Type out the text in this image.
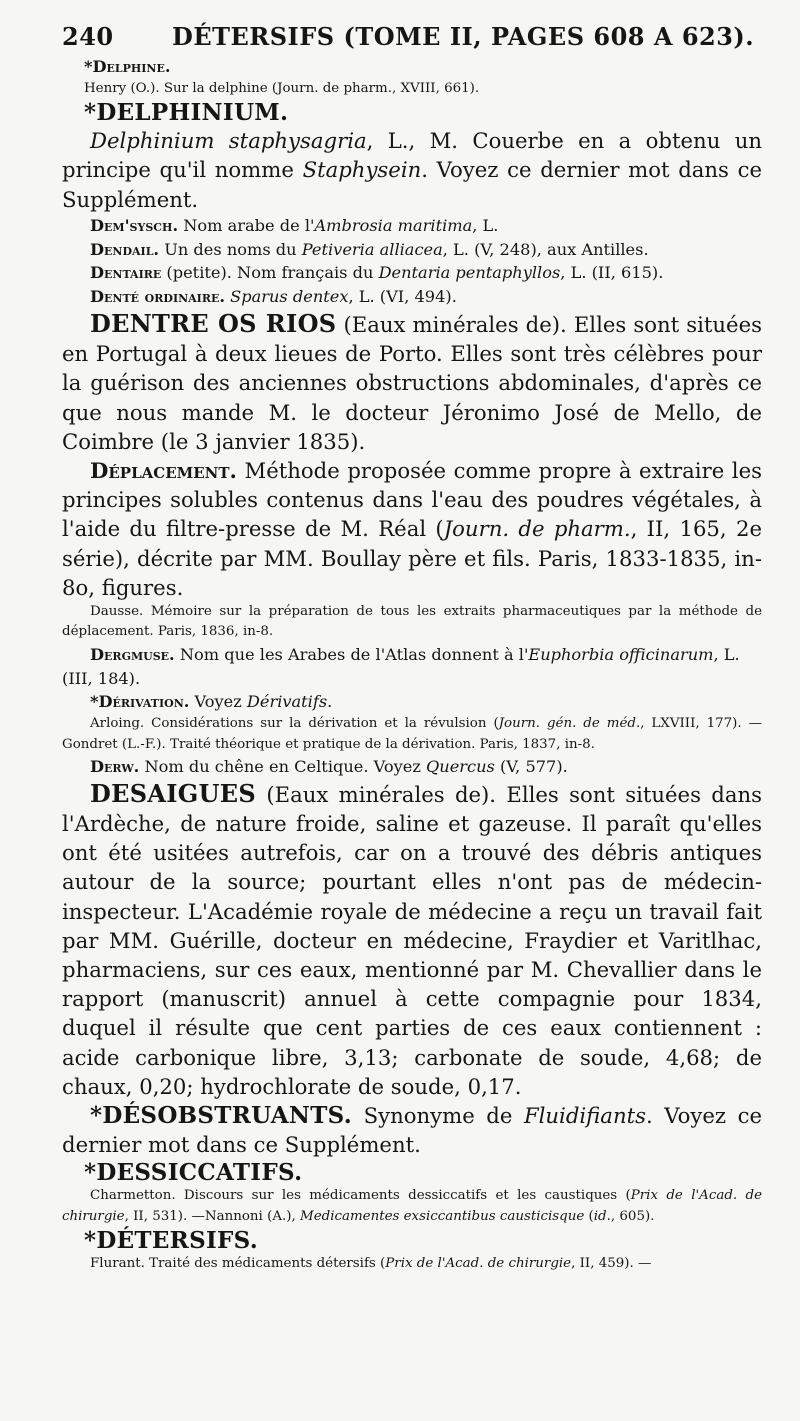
240	DÉTERSIFS (TOME II, PAGES 608 A 623).
*Delphine.
Henry (O.). Sur la delphine (Journ. de pharm., XVIII, 661).
*DELPHINIUM.

Delphinium staphysagria, L., M. Couerbe en a obtenu un principe qu'il nomme Staphysein. Voyez ce dernier mot dans ce Supplément.

Dem'sysch. Nom arabe de l'Ambrosia maritima, L.

Dendail. Un des noms du Petiveria alliacea, L. (V, 248), aux Antilles.

Dentaire (petite). Nom français du Dentaria pentaphyllos, L. (II, 615).

Denté ordinaire. Sparus dentex, L. (VI, 494).

DENTRE OS RIOS (Eaux minérales de). Elles sont situées en Portugal à deux lieues de Porto. Elles sont très célèbres pour la guérison des anciennes obstructions abdominales, d'après ce que nous mande M. le docteur Jéronimo José de Mello, de Coimbre (le 3 janvier 1835).

Déplacement. Méthode proposée comme propre à extraire les principes solubles contenus dans l'eau des poudres végétales, à l'aide du filtre-presse de M. Réal (Journ. de pharm., II, 165, 2e série), décrite par MM. Boullay père et fils. Paris, 1833-1835, in-8o, figures.

Dausse. Mémoire sur la préparation de tous les extraits pharmaceutiques par la méthode de déplacement. Paris, 1836, in-8.

Dergmuse. Nom que les Arabes de l'Atlas donnent à l'Euphorbia officinarum, L. (III, 184).

*Dérivation. Voyez Dérivatifs.

Arloing. Considérations sur la dérivation et la révulsion (Journ. gén. de méd., LXVIII, 177). — Gondret (L.-F.). Traité théorique et pratique de la dérivation. Paris, 1837, in-8.

Derw. Nom du chêne en Celtique. Voyez Quercus (V, 577).

DESAIGUES (Eaux minérales de). Elles sont situées dans l'Ardèche, de nature froide, saline et gazeuse. Il paraît qu'elles ont été usitées autrefois, car on a trouvé des débris antiques autour de la source; pourtant elles n'ont pas de médecin-inspecteur. L'Académie royale de médecine a reçu un travail fait par MM. Guérille, docteur en médecine, Fraydier et Varitlhac, pharmaciens, sur ces eaux, mentionné par M. Chevallier dans le rapport (manuscrit) annuel à cette compagnie pour 1834, duquel il résulte que cent parties de ces eaux contiennent : acide carbonique libre, 3,13; carbonate de soude, 4,68; de chaux, 0,20; hydrochlorate de soude, 0,17.

*DÉSOBSTRUANTS. Synonyme de Fluidifiants. Voyez ce dernier mot dans ce Supplément.

*DESSICCATIFS.

Charmetton. Discours sur les médicaments dessiccatifs et les caustiques (Prix de l'Acad. de chirurgie, II, 531). —Nannoni (A.), Medicamentes exsiccantibus causticisque (id., 605).

*DÉTERSIFS.

Flurant. Traité des médicaments détersifs (Prix de l'Acad. de chirurgie, II, 459). —
